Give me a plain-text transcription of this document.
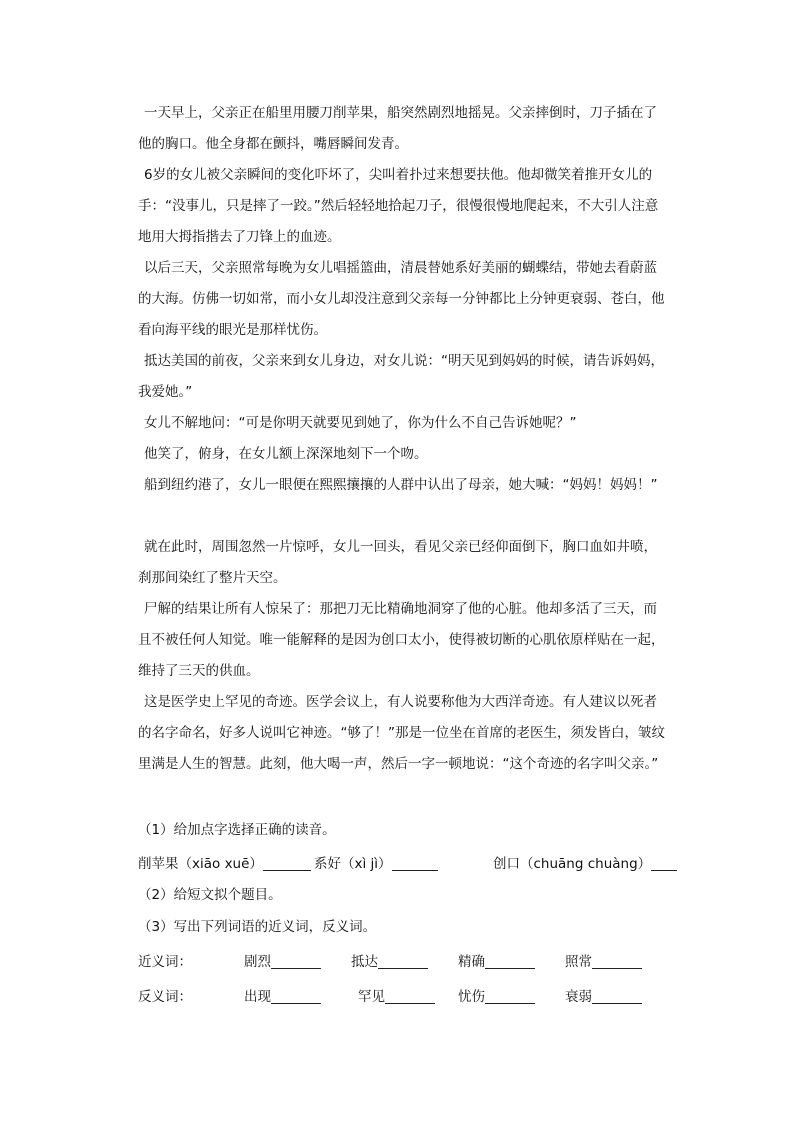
一天早上，父亲正在船里用腰刀削苹果，船突然剧烈地摇晃。父亲摔倒时，刀子插在了他的胸口。他全身都在颤抖，嘴唇瞬间发青。

6岁的女儿被父亲瞬间的变化吓坏了，尖叫着扑过来想要扶他。他却微笑着推开女儿的手：“没事儿，只是摔了一跤。”然后轻轻地拾起刀子，很慢很慢地爬起来，不大引人注意地用大拇指揩去了刀锋上的血迹。

以后三天，父亲照常每晚为女儿唱摇篮曲，清晨替她系好美丽的蝴蝶结，带她去看蔚蓝的大海。仿佛一切如常，而小女儿却没注意到父亲每一分钟都比上分钟更衰弱、苍白，他看向海平线的眼光是那样忧伤。

抵达美国的前夜，父亲来到女儿身边，对女儿说：“明天见到妈妈的时候，请告诉妈妈，我爱她。”

女儿不解地问：“可是你明天就要见到她了，你为什么不自己告诉她呢？”

他笑了，俯身，在女儿额上深深地刻下一个吻。

船到纽约港了，女儿一眼便在熙熙攘攘的人群中认出了母亲，她大喊：“妈妈！妈妈！”

就在此时，周围忽然一片惊呼，女儿一回头，看见父亲已经仰面倒下，胸口血如井喷，刹那间染红了整片天空。

尸解的结果让所有人惊呆了：那把刀无比精确地洞穿了他的心脏。他却多活了三天，而且不被任何人知觉。唯一能解释的是因为创口太小，使得被切断的心肌依原样贴在一起，维持了三天的供血。

这是医学史上罕见的奇迹。医学会议上，有人说要称他为大西洋奇迹。有人建议以死者的名字命名，好多人说叫它神迹。“够了！”那是一位坐在首席的老医生，须发皆白，皱纹里满是人生的智慧。此刻，他大喝一声，然后一字一顿地说：“这个奇迹的名字叫父亲。”

（1）给加点字选择正确的读音。
削苹果（xiāo xuē）	系好（xì jì）	创口（chuāng chuàng）
（2）给短文拟个题目。
（3）写出下列词语的近义词，反义词。
近义词：	剧烈	抵达	精确	照常
反义词：	出现	罕见	忧伤	衰弱
